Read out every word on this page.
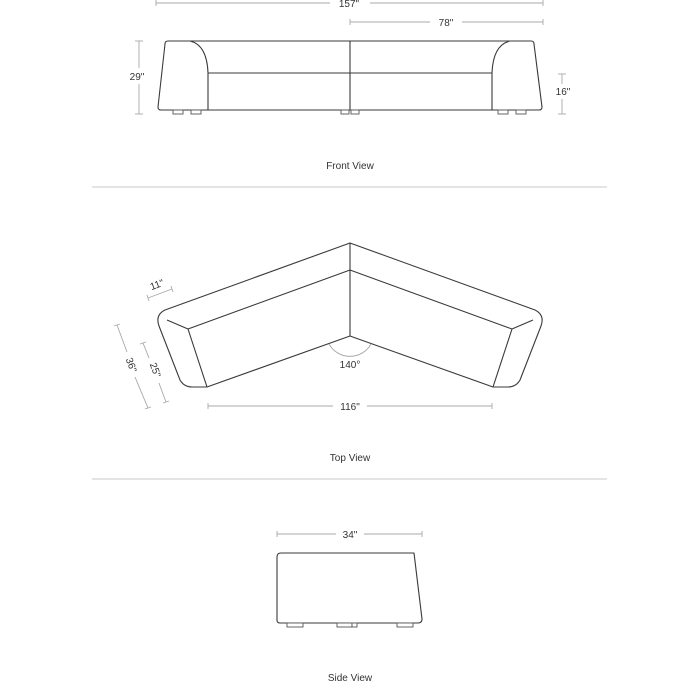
157"
78"
29"
16"
Front View
140°
11"
36" 25"
116"
Top View
34"
Side View
